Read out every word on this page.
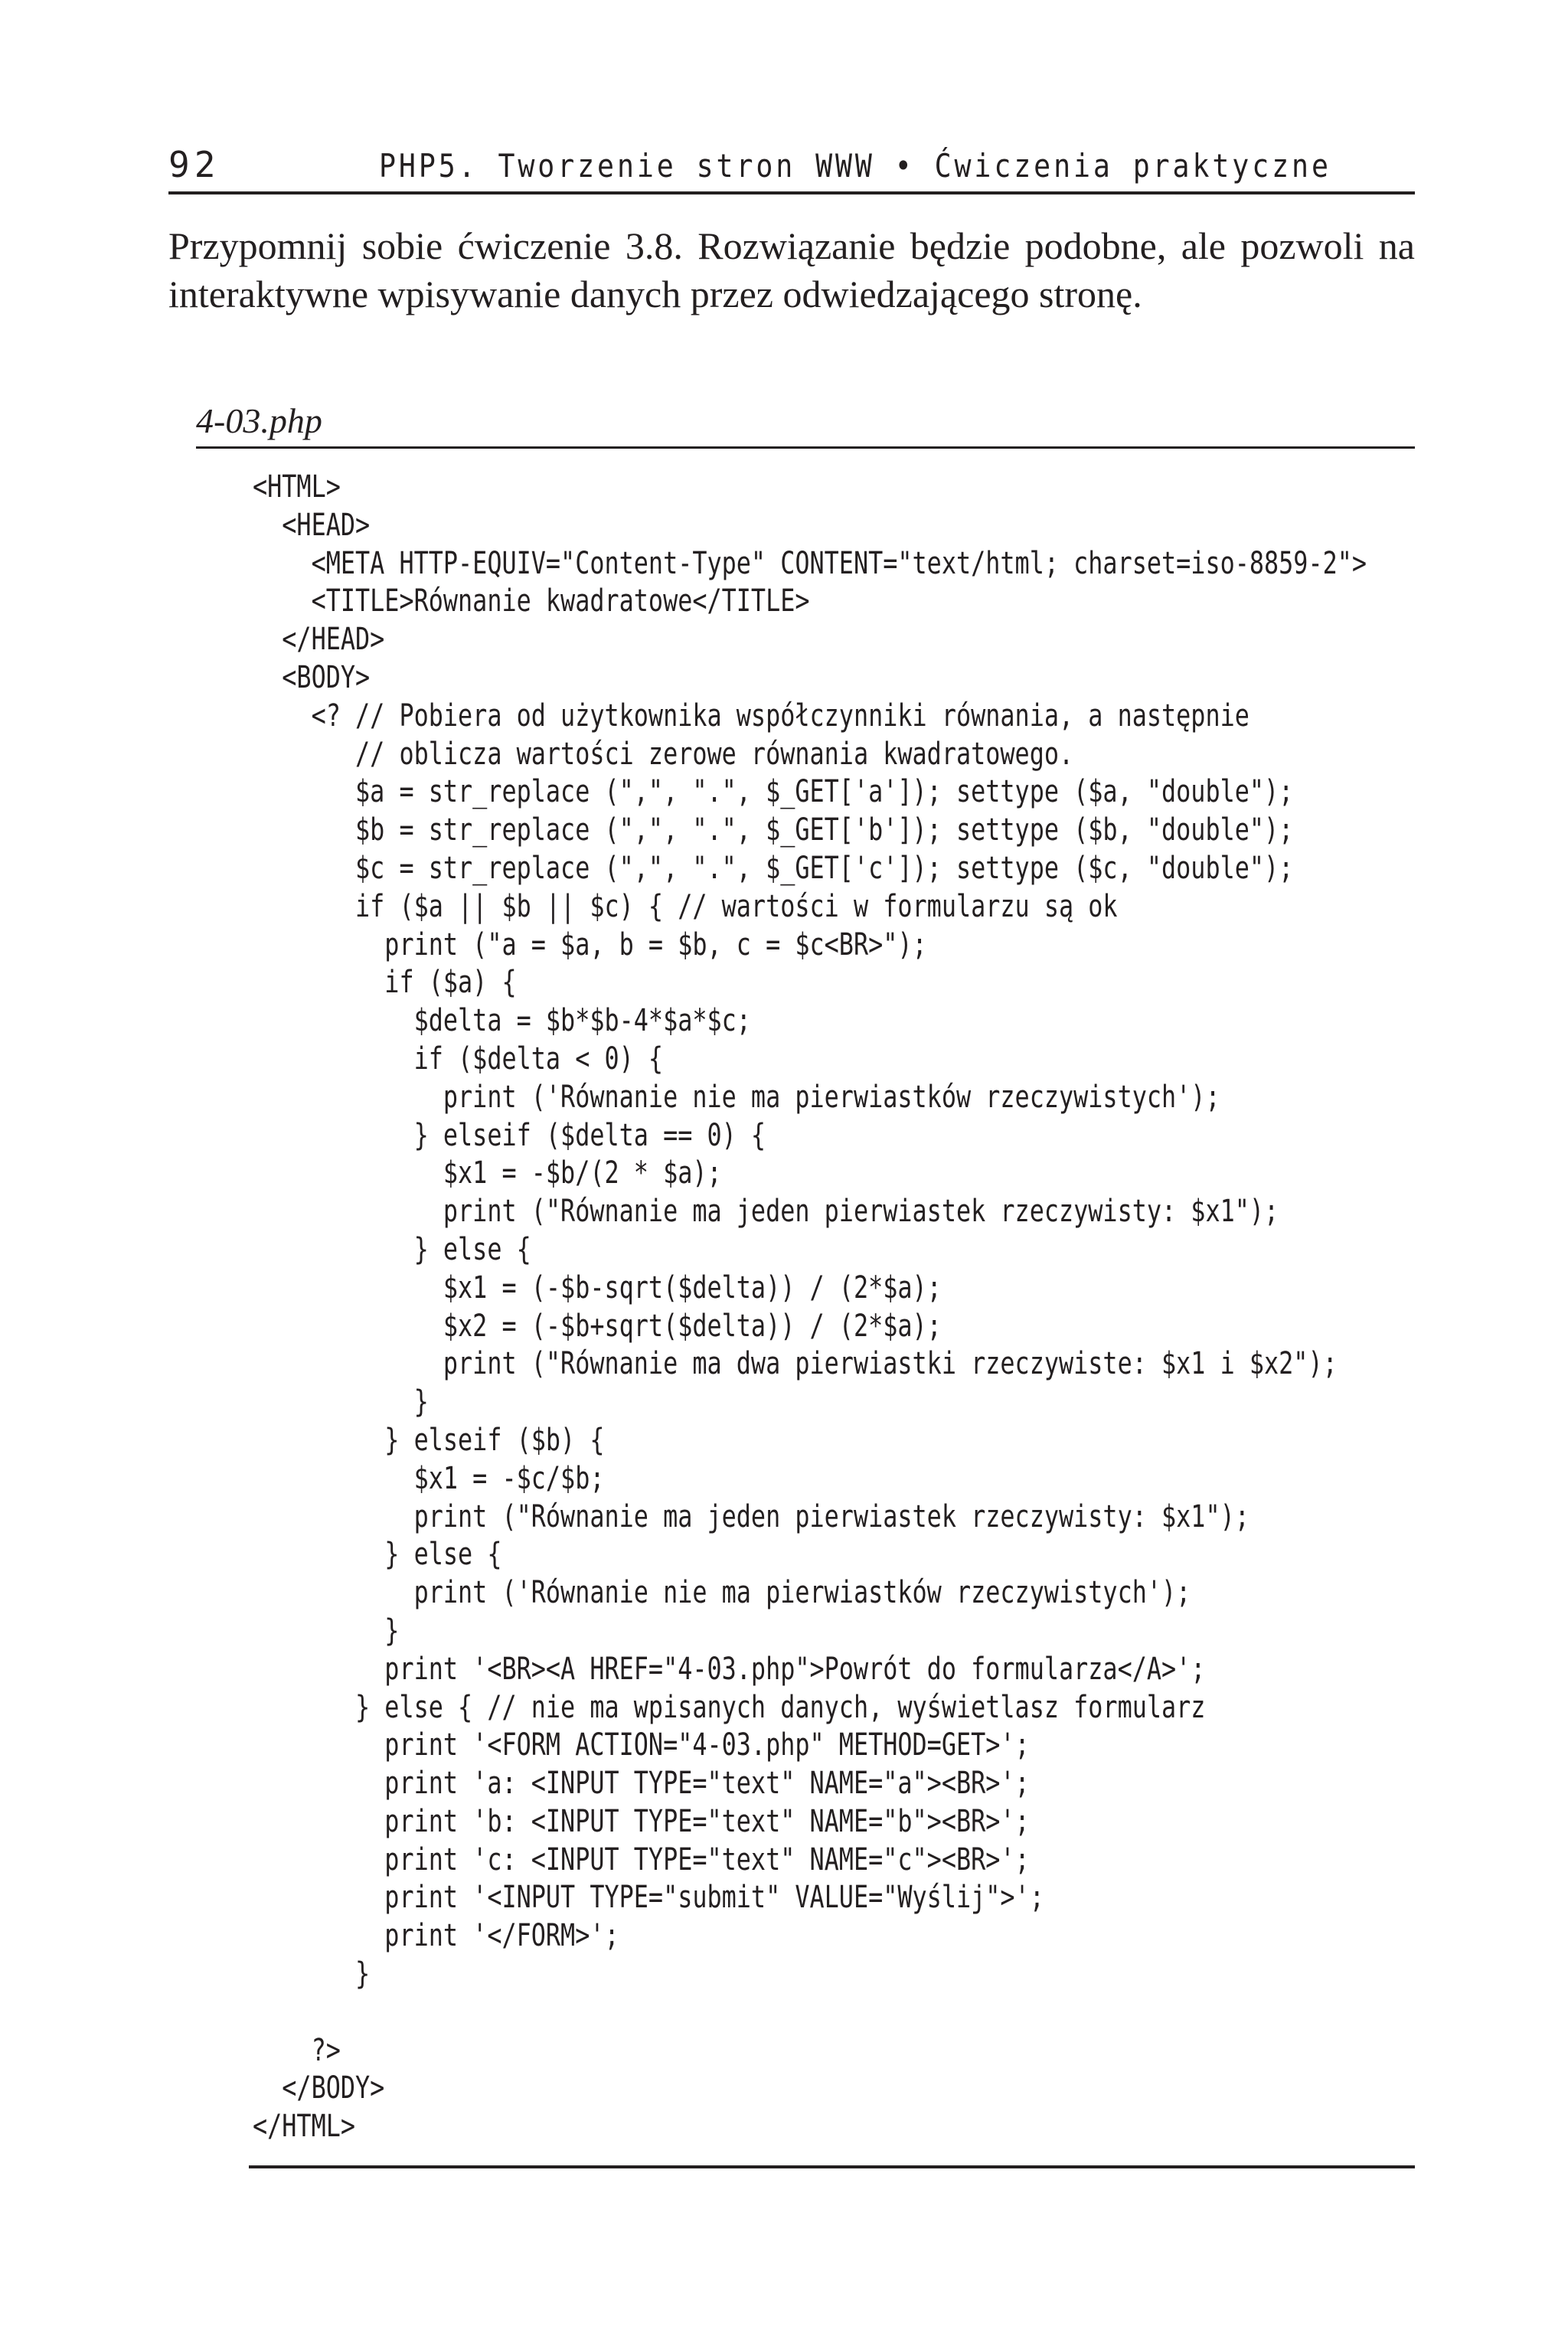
92	PHP5. Tworzenie stron WWW • Ćwiczenia praktyczne

Przypomnij sobie ćwiczenie 3.8. Rozwiązanie będzie podobne, ale pozwoli na interaktywne wpisywanie danych przez odwiedzającego stronę.

4-03.php
<HTML>
<HEAD>
<META HTTP-EQUIV="Content-Type" CONTENT="text/html; charset=iso-8859-2">
<TITLE>Równanie kwadratowe</TITLE>
</HEAD>
<BODY>
<? // Pobiera od użytkownika współczynniki równania, a następnie
// oblicza wartości zerowe równania kwadratowego.
$a = str_replace (",", ".", $_GET['a']); settype ($a, "double");
$b = str_replace (",", ".", $_GET['b']); settype ($b, "double");
$c = str_replace (",", ".", $_GET['c']); settype ($c, "double");
if ($a || $b || $c) { // wartości w formularzu są ok
print ("a = $a, b = $b, c = $c<BR>");
if ($a) {
$delta = $b*$b-4*$a*$c;
if ($delta < 0) {
print ('Równanie nie ma pierwiastków rzeczywistych');
} elseif ($delta == 0) {
$x1 = -$b/(2 * $a);
print ("Równanie ma jeden pierwiastek rzeczywisty: $x1");
} else {
$x1 = (-$b-sqrt($delta)) / (2*$a);
$x2 = (-$b+sqrt($delta)) / (2*$a);
print ("Równanie ma dwa pierwiastki rzeczywiste: $x1 i $x2");
}
} elseif ($b) {
$x1 = -$c/$b;
print ("Równanie ma jeden pierwiastek rzeczywisty: $x1");
} else {
print ('Równanie nie ma pierwiastków rzeczywistych');
}
print '<BR><A HREF="4-03.php">Powrót do formularza</A>';
} else { // nie ma wpisanych danych, wyświetlasz formularz
print '<FORM ACTION="4-03.php" METHOD=GET>';
print 'a: <INPUT TYPE="text" NAME="a"><BR>';
print 'b: <INPUT TYPE="text" NAME="b"><BR>';
print 'c: <INPUT TYPE="text" NAME="c"><BR>';
print '<INPUT TYPE="submit" VALUE="Wyślij">';
print '</FORM>';
}
?>
</BODY>
</HTML>
